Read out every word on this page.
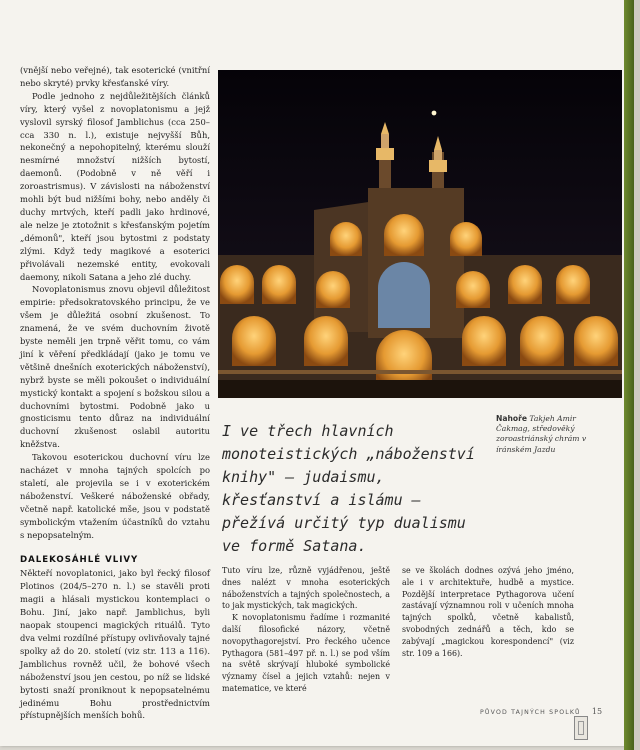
(vnější nebo veřejné), tak esoterické (vnitřní nebo skryté) prvky křesťanské víry.

Podle jednoho z nejdůležitějších článků víry, který vyšel z novoplatonismu a jejž vyslovil syrský filosof Jamblichus (cca 250–cca 330 n. l.), existuje nejvyšší Bůh, nekonečný a nepohopitelný, kterému slouží nesmírné množství nižších bytostí, daemonů. (Podobně v ně věří i zoroastrismus). V závislosti na náboženství mohli být bud nižšími bohy, nebo anděly či duchy mrtvých, kteří padli jako hrdinové, ale nelze je ztotožnit s křesťanským pojetím „démonů", kteří jsou bytostmi z podstaty zlými. Když tedy magikové a esoterici přivolávali nezemské entity, evokovali daemony, nikoli Satana a jeho zlé duchy.

Novoplatonismus znovu objevil důležitost empirie: předsokratovského principu, že ve všem je důležitá osobní zkušenost. To znamená, že ve svém duchovním životě byste neměli jen trpně věřit tomu, co vám jiní k věření předkládají (jako je tomu ve většině dnešních exoterických náboženství), nybrž byste se měli pokoušet o individuální mystický kontakt a spojení s božskou silou a duchovními bytostmi. Podobně jako u gnosticismu tento důraz na individuální duchovní zkušenost oslabil autoritu kněžstva.

Takovou esoterickou duchovní víru lze nacházet v mnoha tajných spolcích po staletí, ale projevila se i v exoterickém náboženství. Veškeré náboženské obřady, včetně např. katolické mše, jsou v podstatě symbolickým vtažením účastníků do vztahu s nepopsatelným.

DALEKOSÁHLÉ VLIVY

Někteří novoplatonici, jako byl řecký filosof Plotinos (204/5–270 n. l.) se stavěli proti magii a hlásali mystickou kontemplaci o Bohu. Jiní, jako např. Jamblichus, byli naopak stoupenci magických rituálů. Tyto dva velmi rozdílné přístupy ovlivňovaly tajné spolky až do 20. století (viz str. 113 a 116). Jamblichus rovněž učil, že bohové všech náboženství jsou jen cestou, po níž se lidské bytosti snaží proniknout k nepopsatelnému jedinému Bohu prostřednictvím přístupnějších menších bohů.

Nahoře Takjeh Amir Čakmag, středověký zoroastriánský chrám v íránském Jazdu
I ve třech hlavních monoteistických „náboženství knihy" – judaismu, křesťanství a islámu – přežívá určitý typ dualismu ve formě Satana.

Tuto víru lze, různě vyjádřenou, ještě dnes nalézt v mnoha esoterických náboženstvích a tajných společnostech, a to jak mystických, tak magických.

K novoplatonismu řadíme i rozmanité další filosofické názory, včetně novopythagorejství. Pro řeckého učence Pythagora (581–497 př. n. l.) se pod vším na světě skrývají hluboké symbolické významy čísel a jejich vztahů: nejen v matematice, ve které

se ve školách dodnes ozývá jeho jméno, ale i v architektuře, hudbě a mystice. Pozdější interpretace Pythagorova učení zastávají významnou roli v učeních mnoha tajných spolků, včetně kabalistů, svobodných zednářů a těch, kdo se zabývají „magickou korespondencí" (viz str. 109 a 166).

PŮVOD TAJNÝCH SPOLKŮ 15
